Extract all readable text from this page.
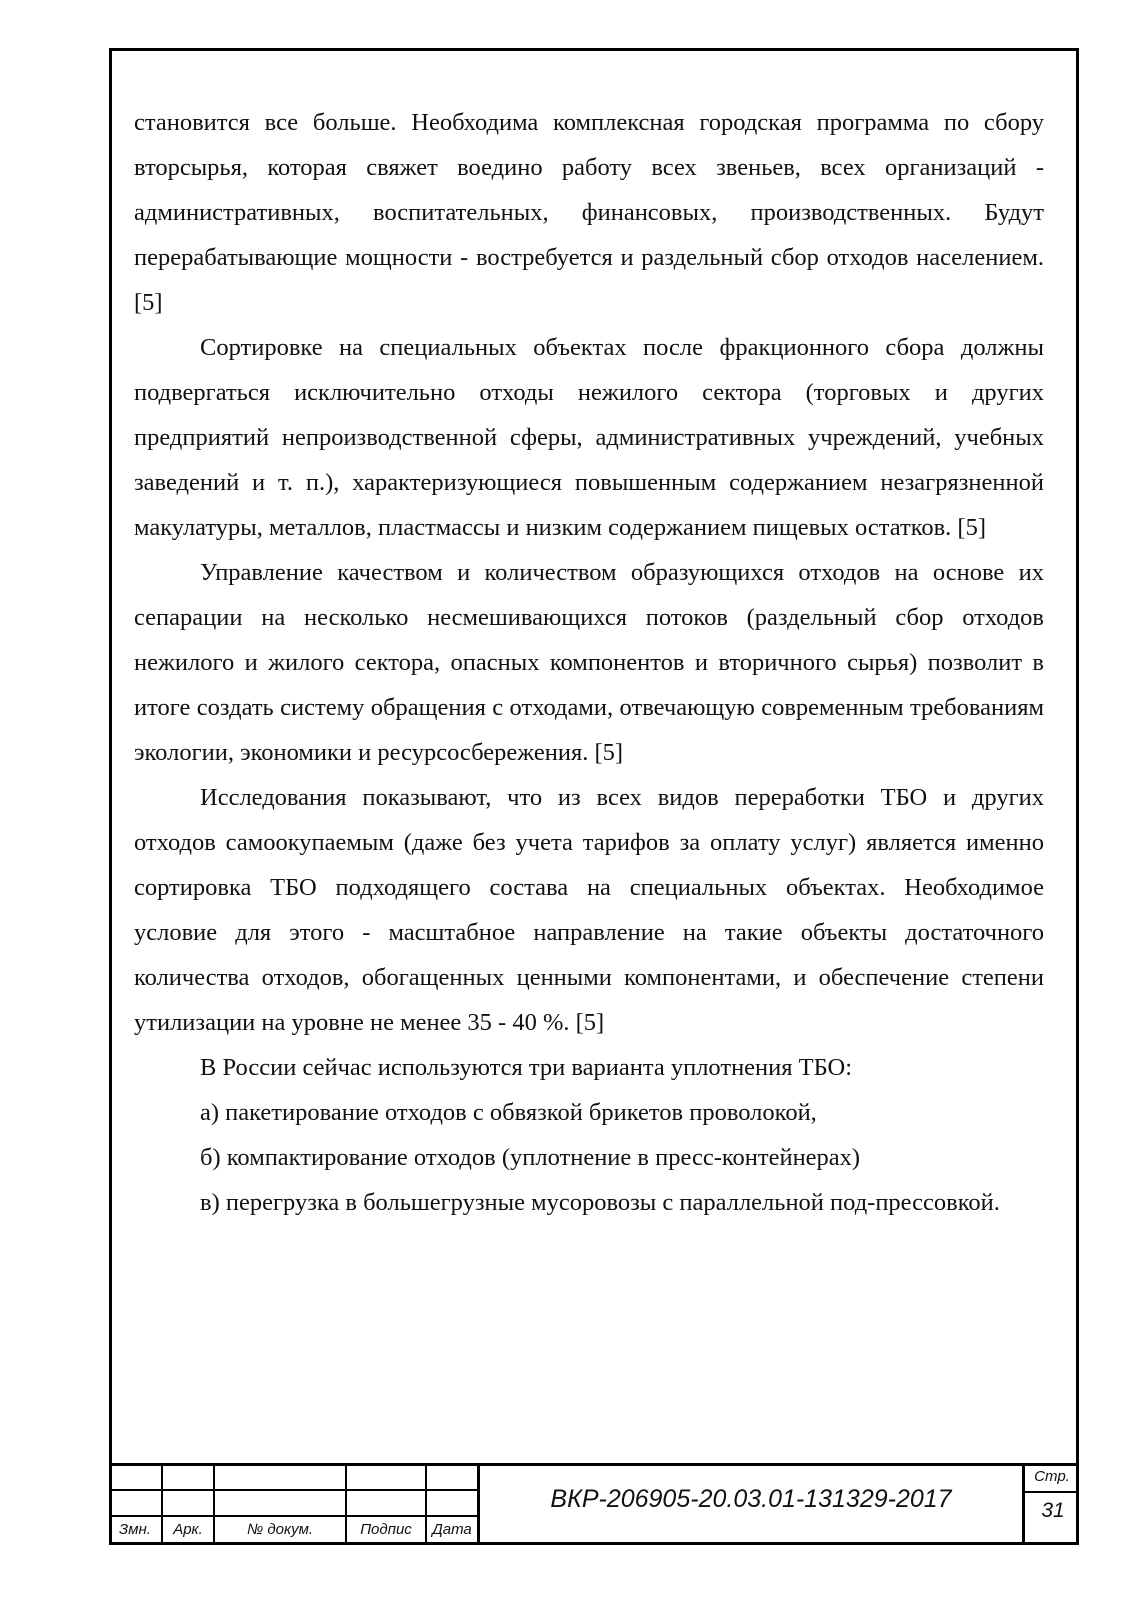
становится все больше. Необходима комплексная городская программа по сбору вторсырья, которая свяжет воедино работу всех звеньев, всех организаций - административных, воспитательных, финансовых, производственных. Будут перерабатывающие мощности - востребуется и раздельный сбор отходов населением. [5]

Сортировке на специальных объектах после фракционного сбора должны подвергаться исключительно отходы нежилого сектора (торговых и других предприятий непроизводственной сферы, административных учреждений, учебных заведений и т. п.), характеризующиеся повышенным содержанием незагрязненной макулатуры, металлов, пластмассы и низким содержанием пищевых остатков. [5]

Управление качеством и количеством образующихся отходов на основе их сепарации на несколько несмешивающихся потоков (раздельный сбор отходов нежилого и жилого сектора, опасных компонентов и вторичного сырья) позволит в итоге создать систему обращения с отходами, отвечающую современным требованиям экологии, экономики и ресурсосбережения. [5]

Исследования показывают, что из всех видов переработки ТБО и других отходов самоокупаемым (даже без учета тарифов за оплату услуг) является именно сортировка ТБО подходящего состава на специальных объектах. Необходимое условие для этого - масштабное направление на такие объекты достаточного количества отходов, обогащенных ценными компонентами, и обеспечение степени утилизации на уровне не менее 35 - 40 %. [5]

В России сейчас используются три варианта уплотнения ТБО:

а) пакетирование отходов с обвязкой брикетов проволокой,

б) компактирование отходов (уплотнение в пресс-контейнерах)

в) перегрузка в большегрузные мусоровозы с параллельной под-прессовкой.

Змн.	Арк.	№ докум.	Подпис	Дата
ВКР-206905-20.03.01-131329-2017
Стр.
31
